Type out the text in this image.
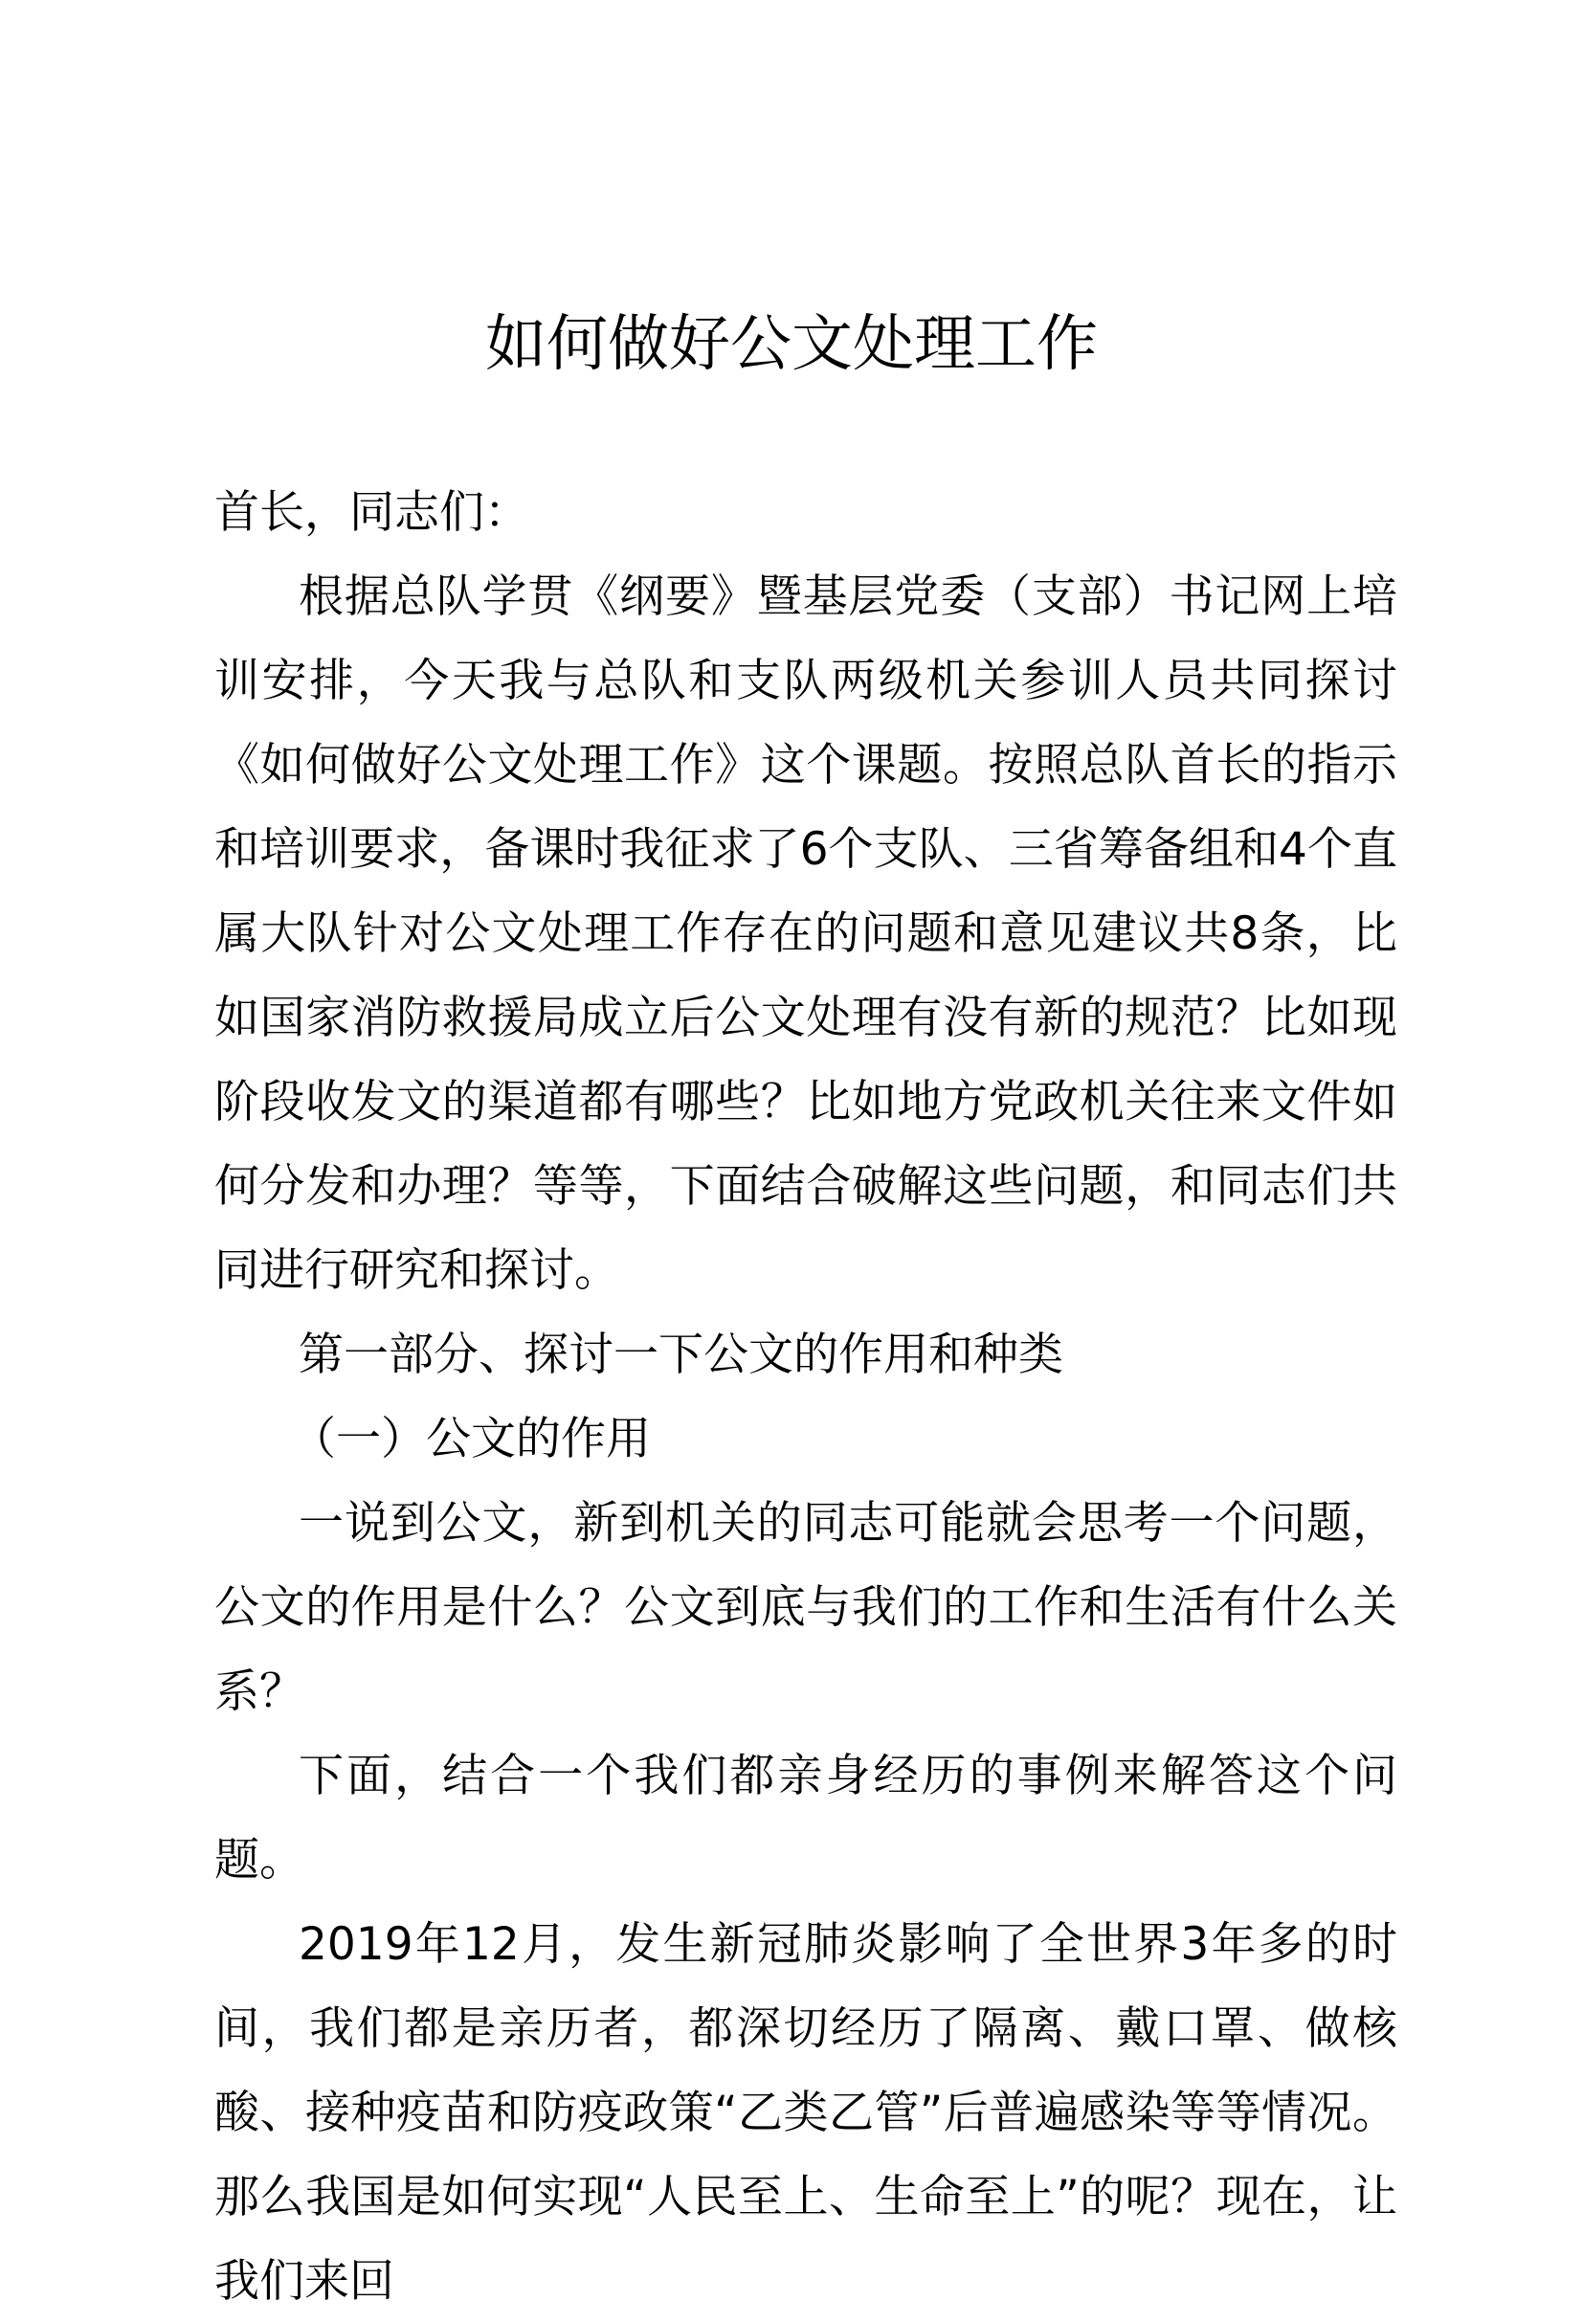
如何做好公文处理工作

首长，同志们：

根据总队学贯《纲要》暨基层党委（支部）书记网上培训安排，今天我与总队和支队两级机关参训人员共同探讨《如何做好公文处理工作》这个课题。按照总队首长的指示和培训要求，备课时我征求了6个支队、三省筹备组和4个直属大队针对公文处理工作存在的问题和意见建议共8条，比如国家消防救援局成立后公文处理有没有新的规范？比如现阶段收发文的渠道都有哪些？比如地方党政机关往来文件如何分发和办理？等等，下面结合破解这些问题，和同志们共同进行研究和探讨。

第一部分、探讨一下公文的作用和种类

（一）公文的作用

一说到公文，新到机关的同志可能就会思考一个问题，公文的作用是什么？公文到底与我们的工作和生活有什么关系？

下面，结合一个我们都亲身经历的事例来解答这个问题。

2019年12月，发生新冠肺炎影响了全世界3年多的时间，我们都是亲历者，都深切经历了隔离、戴口罩、做核酸、接种疫苗和防疫政策“乙类乙管”后普遍感染等等情况。那么我国是如何实现“人民至上、生命至上”的呢？现在，让我们来回
